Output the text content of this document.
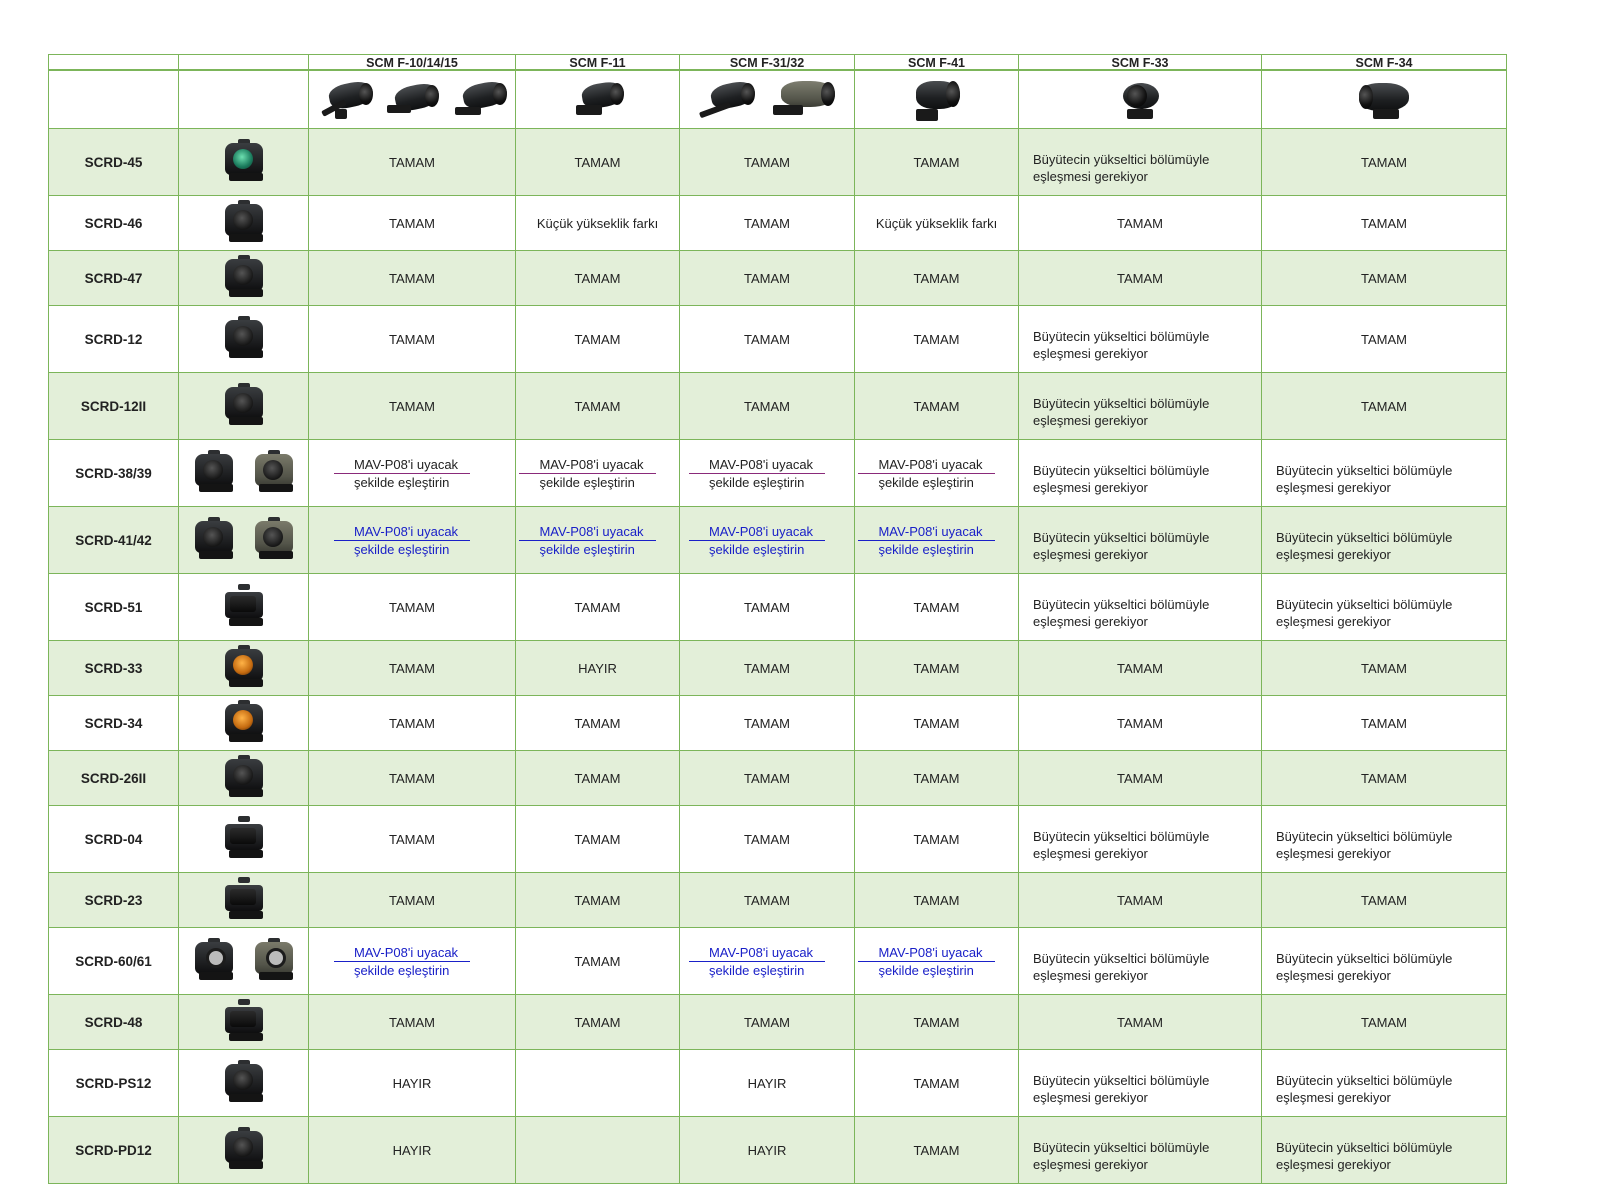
		SCM F-10/14/15	SCM F-11	SCM F-31/32	SCM F-41	SCM F-33	SCM F-34

SCRD-45		TAMAM	TAMAM	TAMAM	TAMAM	Büyütecin yükseltici bölümüyle eşleşmesi gerekiyor	TAMAM
SCRD-46		TAMAM	Küçük yükseklik farkı	TAMAM	Küçük yükseklik farkı	TAMAM	TAMAM
SCRD-47		TAMAM	TAMAM	TAMAM	TAMAM	TAMAM	TAMAM
SCRD-12		TAMAM	TAMAM	TAMAM	TAMAM	Büyütecin yükseltici bölümüyle eşleşmesi gerekiyor	TAMAM
SCRD-12II		TAMAM	TAMAM	TAMAM	TAMAM	Büyütecin yükseltici bölümüyle eşleşmesi gerekiyor	TAMAM
SCRD-38/39		MAV-P08'i uyacak
şekilde eşleştirin	MAV-P08'i uyacak
şekilde eşleştirin	MAV-P08'i uyacak
şekilde eşleştirin	MAV-P08'i uyacak
şekilde eşleştirin	Büyütecin yükseltici bölümüyle eşleşmesi gerekiyor	Büyütecin yükseltici bölümüyle eşleşmesi gerekiyor

SCRD-41/42		MAV-P08'i uyacak
şekilde eşleştirin	MAV-P08'i uyacak
şekilde eşleştirin	MAV-P08'i uyacak
şekilde eşleştirin	MAV-P08'i uyacak
şekilde eşleştirin	Büyütecin yükseltici bölümüyle eşleşmesi gerekiyor	Büyütecin yükseltici bölümüyle eşleşmesi gerekiyor

SCRD-51		TAMAM	TAMAM	TAMAM	TAMAM	Büyütecin yükseltici bölümüyle eşleşmesi gerekiyor	Büyütecin yükseltici bölümüyle eşleşmesi gerekiyor

SCRD-33		TAMAM	HAYIR	TAMAM	TAMAM	TAMAM	TAMAM
SCRD-34		TAMAM	TAMAM	TAMAM	TAMAM	TAMAM	TAMAM
SCRD-26II		TAMAM	TAMAM	TAMAM	TAMAM	TAMAM	TAMAM
SCRD-04		TAMAM	TAMAM	TAMAM	TAMAM	Büyütecin yükseltici bölümüyle eşleşmesi gerekiyor	Büyütecin yükseltici bölümüyle eşleşmesi gerekiyor

SCRD-23		TAMAM	TAMAM	TAMAM	TAMAM	TAMAM	TAMAM
SCRD-60/61		MAV-P08'i uyacak
şekilde eşleştirin	TAMAM	MAV-P08'i uyacak
şekilde eşleştirin	MAV-P08'i uyacak
şekilde eşleştirin	Büyütecin yükseltici bölümüyle eşleşmesi gerekiyor	Büyütecin yükseltici bölümüyle eşleşmesi gerekiyor

SCRD-48		TAMAM	TAMAM	TAMAM	TAMAM	TAMAM	TAMAM
SCRD-PS12		HAYIR		HAYIR	TAMAM	Büyütecin yükseltici bölümüyle eşleşmesi gerekiyor	Büyütecin yükseltici bölümüyle eşleşmesi gerekiyor

SCRD-PD12		HAYIR		HAYIR	TAMAM	Büyütecin yükseltici bölümüyle eşleşmesi gerekiyor	Büyütecin yükseltici bölümüyle eşleşmesi gerekiyor
